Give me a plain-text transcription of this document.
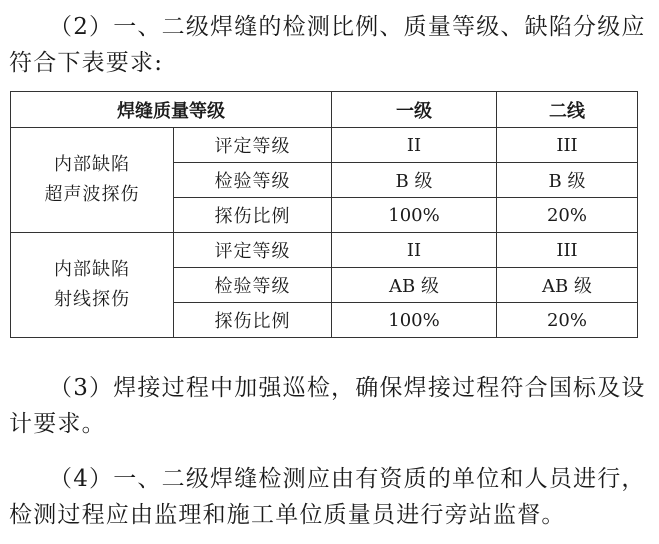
（2）一、二级焊缝的检测比例、质量等级、缺陷分级应符合下表要求:

焊缝质量等级		一级	二线

内部缺陷
超声波探伤	评定等级	II	III
	检验等级	B 级	B 级
	探伤比例	100%	20%

内部缺陷
射线探伤	评定等级	II	III
	检验等级	AB 级	AB 级
	探伤比例	100%	20%

（3）焊接过程中加强巡检，确保焊接过程符合国标及设计要求。

（4）一、二级焊缝检测应由有资质的单位和人员进行，检测过程应由监理和施工单位质量员进行旁站监督。
